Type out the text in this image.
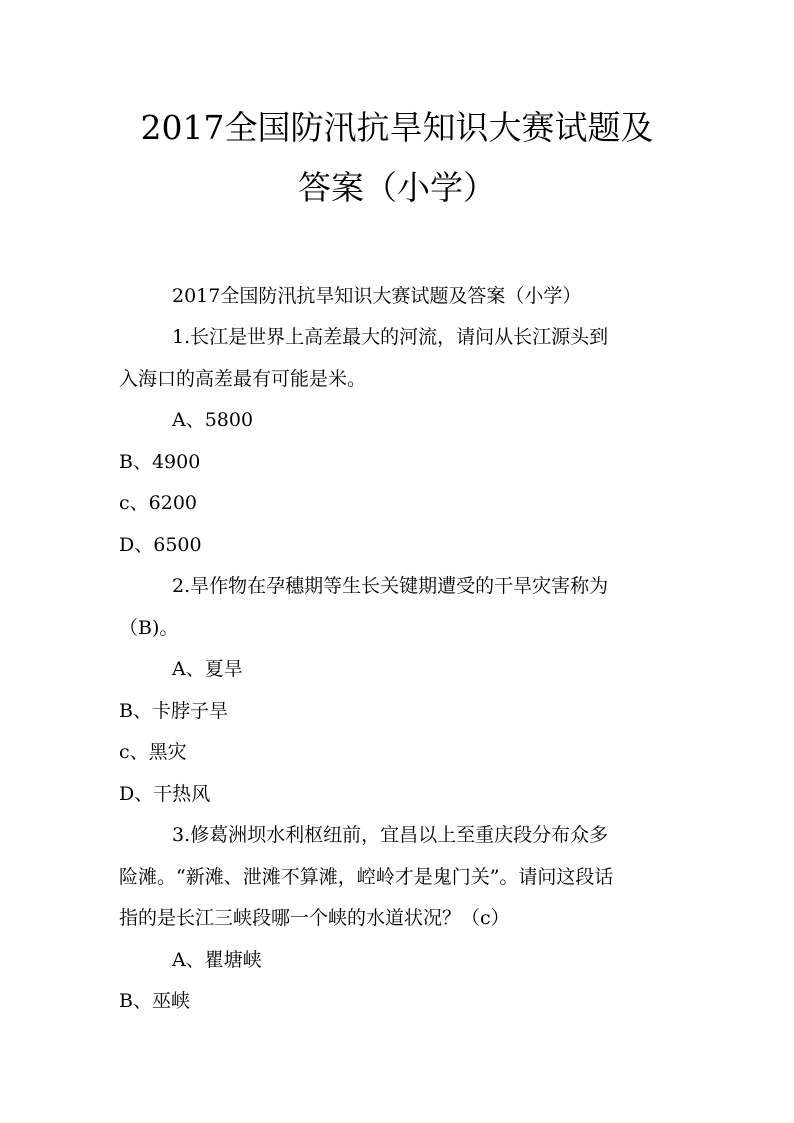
2017全国防汛抗旱知识大赛试题及
答案（小学）
2017全国防汛抗旱知识大赛试题及答案（小学）
1.长江是世界上高差最大的河流，请问从长江源头到
入海口的高差最有可能是米。
A、5800
B、4900
c、6200
D、6500
2.旱作物在孕穗期等生长关键期遭受的干旱灾害称为
（B)。
A、夏旱
B、卡脖子旱
c、黑灾
D、干热风
3.修葛洲坝水利枢纽前，宜昌以上至重庆段分布众多
险滩。“新滩、泄滩不算滩，崆岭才是鬼门关”。请问这段话
指的是长江三峡段哪一个峡的水道状况？（c）
A、瞿塘峡
B、巫峡
